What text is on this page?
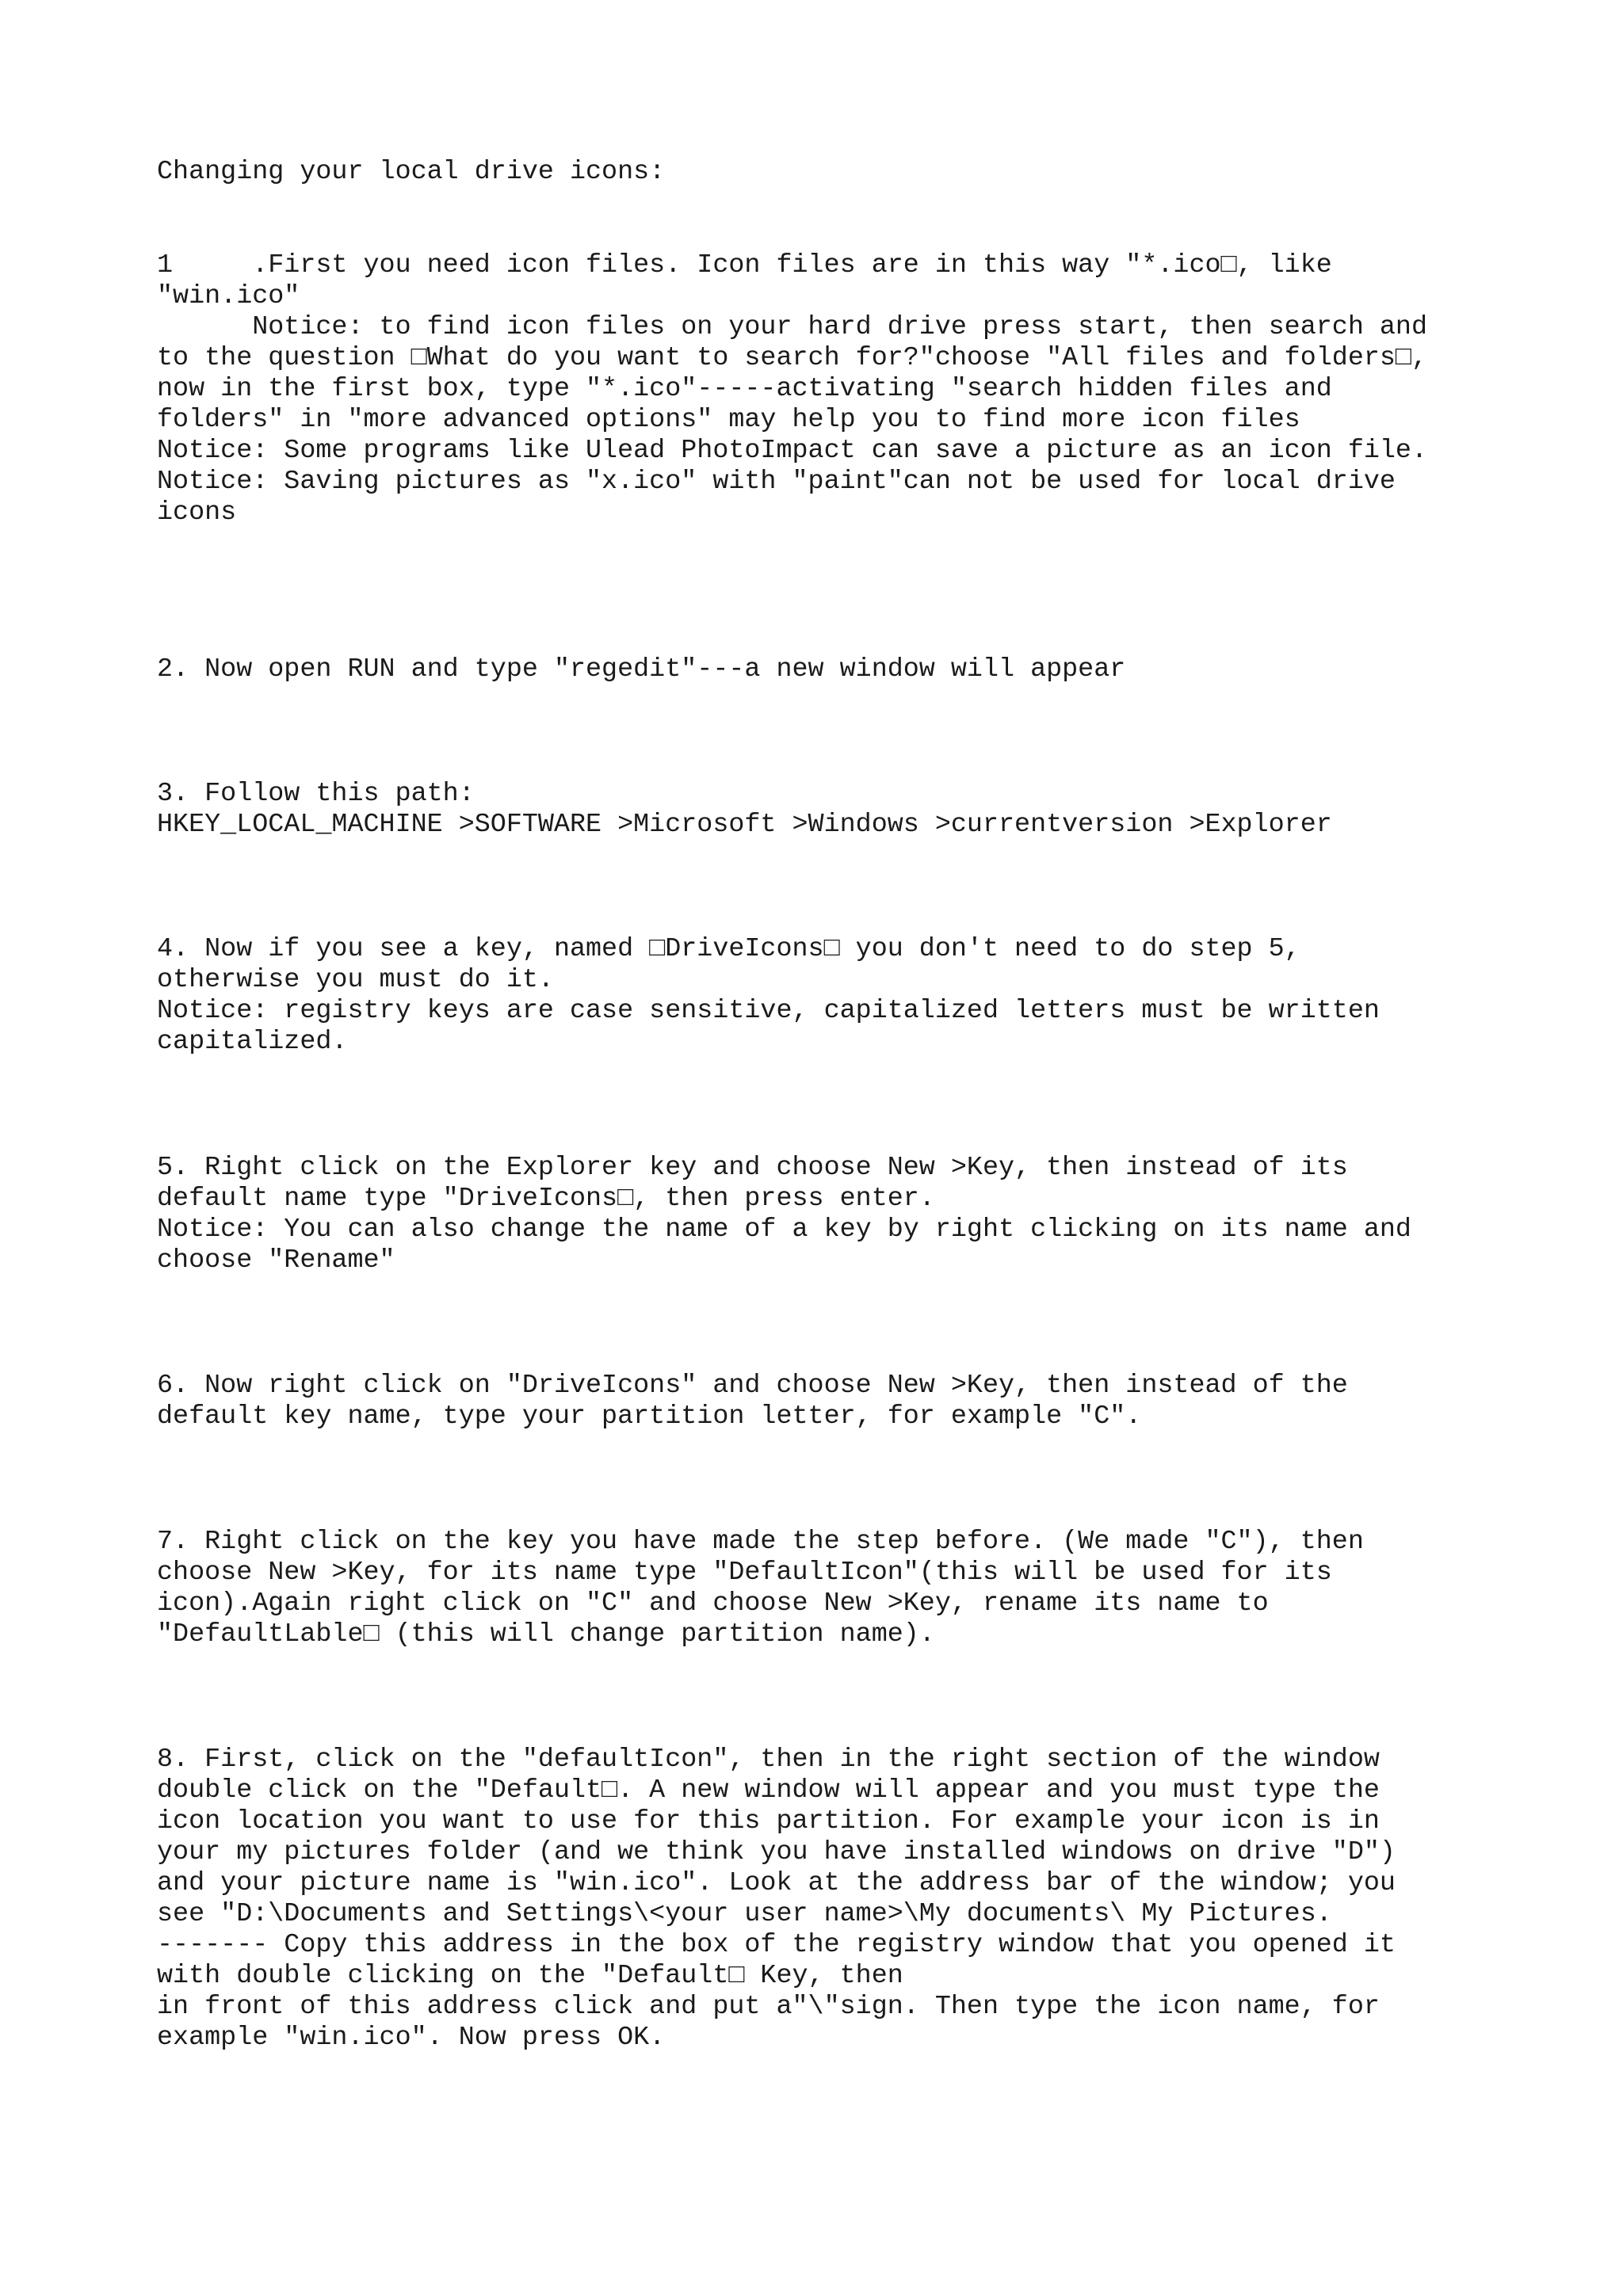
Changing your local drive icons:

1     .First you need icon files. Icon files are in this way "*.ico□, like

"win.ico"

Notice: to find icon files on your hard drive press start, then search and

to the question □What do you want to search for?"choose "All files and folders□,

now in the first box, type "*.ico"-----activating "search hidden files and

folders" in "more advanced options" may help you to find more icon files

Notice: Some programs like Ulead PhotoImpact can save a picture as an icon file.

Notice: Saving pictures as "x.ico" with "paint"can not be used for local drive

icons

2. Now open RUN and type "regedit"---a new window will appear

3. Follow this path:

HKEY_LOCAL_MACHINE >SOFTWARE >Microsoft >Windows >currentversion >Explorer

4. Now if you see a key, named □DriveIcons□ you don't need to do step 5,

otherwise you must do it.

Notice: registry keys are case sensitive, capitalized letters must be written

capitalized.

5. Right click on the Explorer key and choose New >Key, then instead of its

default name type "DriveIcons□, then press enter.

Notice: You can also change the name of a key by right clicking on its name and

choose "Rename"

6. Now right click on "DriveIcons" and choose New >Key, then instead of the

default key name, type your partition letter, for example "C".

7. Right click on the key you have made the step before. (We made "C"), then

choose New >Key, for its name type "DefaultIcon"(this will be used for its

icon).Again right click on "C" and choose New >Key, rename its name to

"DefaultLable□ (this will change partition name).

8. First, click on the "defaultIcon", then in the right section of the window

double click on the "Default□. A new window will appear and you must type the

icon location you want to use for this partition. For example your icon is in

your my pictures folder (and we think you have installed windows on drive "D")

and your picture name is "win.ico". Look at the address bar of the window; you

see "D:\Documents and Settings\<your user name>\My documents\ My Pictures.

------- Copy this address in the box of the registry window that you opened it

with double clicking on the "Default□ Key, then

in front of this address click and put a"\"sign. Then type the icon name, for

example "win.ico". Now press OK.
